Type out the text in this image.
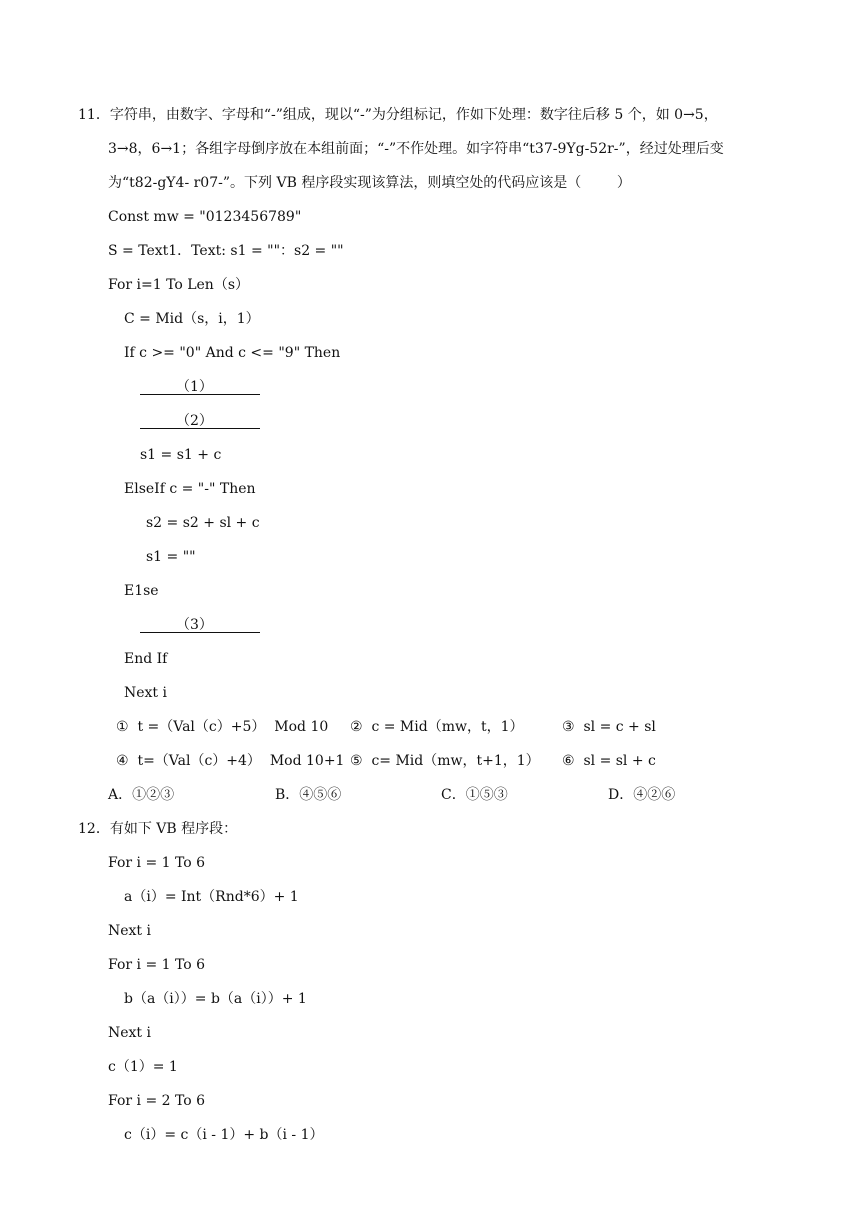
11．字符串，由数字、字母和“-”组成，现以“-”为分组标记，作如下处理：数字往后移 5 个，如 0→5，
3→8，6→1；各组字母倒序放在本组前面；“-”不作处理。如字符串“t37-9Yg-52r-”，经过处理后变
为“t82-gY4- r07-”。下列 VB 程序段实现该算法，则填空处的代码应该是（        ）
Const mw = "0123456789"
S = Text1．Text: s1 = ""：s2 = ""
For i=1 To Len（s）
C = Mid（s，i，1）
If c >= "0" And c <= "9" Then
（1）
（2）
s1 = s1 + c
ElseIf c = "-" Then
s2 = s2 + sl + c
s1 = ""
E1se
（3）
End If
Next i
①  t =（Val（c）+5）  Mod 10 ②  c = Mid（mw，t，1）	③  sl = c + sl
④  t=（Val（c）+4）  Mod 10+1 ⑤  c= Mid（mw，t+1，1） ⑥  sl = sl + c
A．①②③	B．④⑤⑥	C．①⑤③	D．④②⑥
12．有如下 VB 程序段：
For i = 1 To 6
a（i）= Int（Rnd*6）+ 1
Next i
For i = 1 To 6
b（a（i））= b（a（i））+ 1
Next i
c（1）= 1
For i = 2 To 6
c（i）= c（i - 1）+ b（i - 1）
